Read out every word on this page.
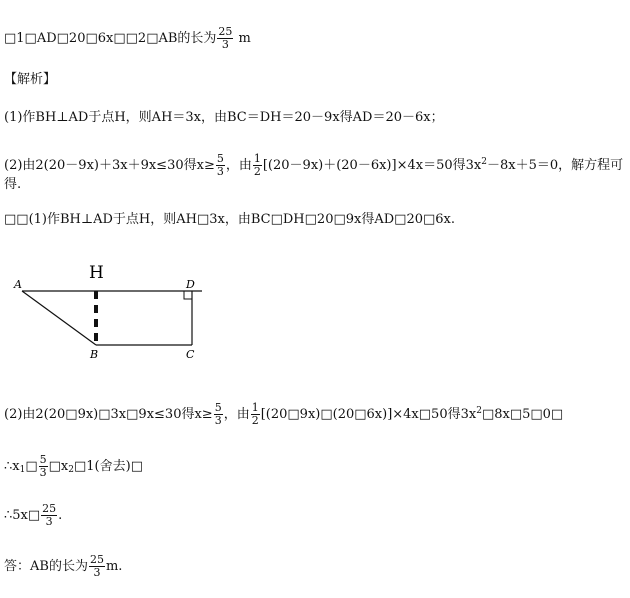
□1□AD□20□6x□□2□AB的长为 $\frac{25}{3}$ m
【解析】
(1)作BH⊥AD于点H，则AH＝3x，由BC＝DH＝20－9x得AD＝20－6x；
(2)由2(20－9x)＋3x＋9x≤30得$x\ge \frac{5}{3}$ ，由 $\frac{1}{2} [(20-9x)+(20-6x)]\times 4x=50$得$3x^2-8x+5=0$，解方程可
得.
□□(1)作BH⊥AD于点H，则AH□3x，由BC□DH□20□9x得AD□20□6x.
A
H
D
B	C
(2)由2(20□9x)□3x□9x≤30得$x\ge \frac{5}{3}$ ，由 $\frac{1}{2}$ [(20□9x)□(20□6x)]×4x□50得$3x^2□8x□5□0□$
$\therefore x_1□ \frac{5}{3}$ $□x_2□1$(舍去)□
∴5x□ $\frac{25}{3}$ .
答：AB的长为 $\frac{25}{3} m$.
